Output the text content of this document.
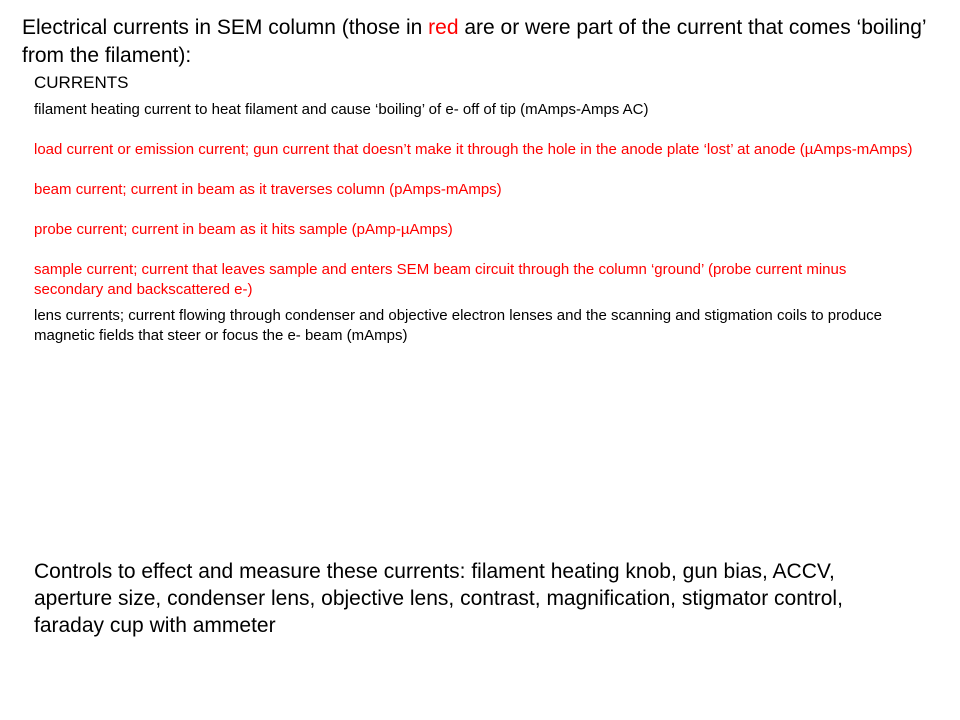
Electrical currents in SEM column (those in red are or were part of the current that comes ‘boiling’ from the filament):
CURRENTS

filament heating current to heat filament and cause ‘boiling’ of e- off of tip (mAmps-Amps AC)

load current or emission current; gun current that doesn’t make it through the hole in the anode plate ‘lost’ at anode (µAmps-mAmps)

beam current; current in beam as it traverses column (pAmps-mAmps)

probe current; current in beam as it hits sample (pAmp-µAmps)

sample current; current that leaves sample and enters SEM beam circuit through the column ‘ground’ (probe current minus secondary and backscattered e-)

lens currents; current flowing through condenser and objective electron lenses and the scanning and stigmation coils to produce magnetic fields that steer or focus the e- beam (mAmps)

Controls to effect and measure these currents: filament heating knob, gun bias, ACCV, aperture size, condenser lens, objective lens, contrast, magnification, stigmator control, faraday cup with ammeter
